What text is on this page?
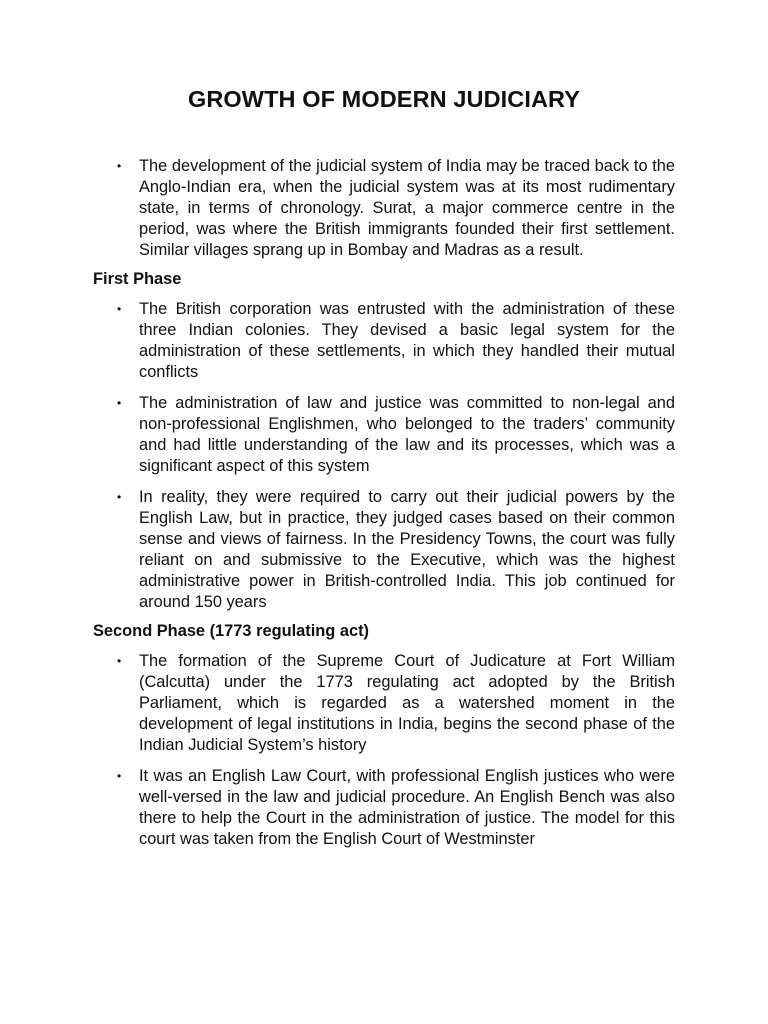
GROWTH OF MODERN JUDICIARY
• The development of the judicial system of India may be traced back to the Anglo-Indian era, when the judicial system was at its most rudimentary state, in terms of chronology. Surat, a major commerce centre in the period, was where the British immigrants founded their first settlement. Similar villages sprang up in Bombay and Madras as a result.
First Phase
• The British corporation was entrusted with the administration of these three Indian colonies. They devised a basic legal system for the administration of these settlements, in which they handled their mutual conflicts
• The administration of law and justice was committed to non-legal and non-professional Englishmen, who belonged to the traders’ community and had little understanding of the law and its processes, which was a significant aspect of this system
• In reality, they were required to carry out their judicial powers by the English Law, but in practice, they judged cases based on their common sense and views of fairness. In the Presidency Towns, the court was fully reliant on and submissive to the Executive, which was the highest administrative power in British-controlled India. This job continued for around 150 years
Second Phase (1773 regulating act)
• The formation of the Supreme Court of Judicature at Fort William (Calcutta) under the 1773 regulating act adopted by the British Parliament, which is regarded as a watershed moment in the development of legal institutions in India, begins the second phase of the Indian Judicial System’s history
• It was an English Law Court, with professional English justices who were well-versed in the law and judicial procedure. An English Bench was also there to help the Court in the administration of justice. The model for this court was taken from the English Court of Westminster
